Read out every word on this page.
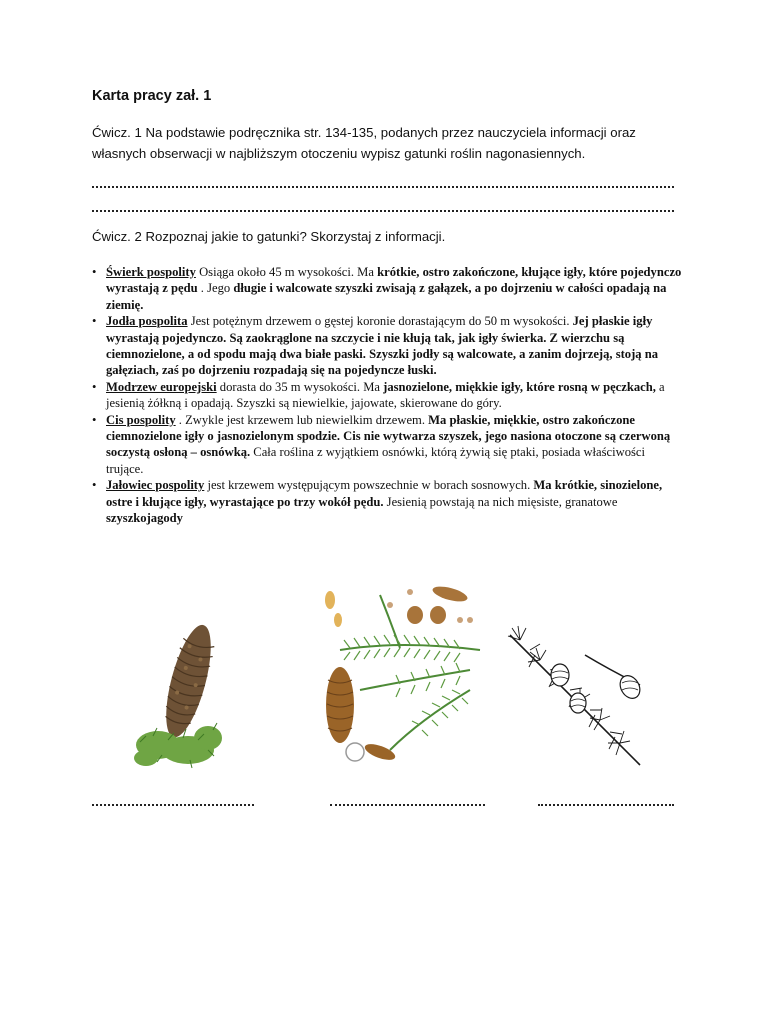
Karta pracy zał. 1
Ćwicz. 1 Na podstawie podręcznika str. 134-135, podanych przez nauczyciela informacji oraz własnych obserwacji w najbliższym otoczeniu wypisz gatunki roślin nagonasiennych.
Ćwicz. 2 Rozpoznaj jakie to gatunki? Skorzystaj z informacji.
• Świerk pospolity Osiąga około 45 m wysokości. Ma krótkie, ostro zakończone, kłujące igły, które pojedynczo wyrastają z pędu . Jego długie i walcowate szyszki zwisają z gałązek, a po dojrzeniu w całości opadają na ziemię.
• Jodła pospolita Jest potężnym drzewem o gęstej koronie dorastającym do 50 m wysokości. Jej płaskie igły wyrastają pojedynczo. Są zaokrąglone na szczycie i nie kłują tak, jak igły świerka. Z wierzchu są ciemnozielone, a od spodu mają dwa białe paski. Szyszki jodły są walcowate, a zanim dojrzeją, stoją na gałęziach, zaś po dojrzeniu rozpadają się na pojedyncze łuski.
• Modrzew europejski dorasta do 35 m wysokości. Ma jasnozielone, miękkie igły, które rosną w pęczkach, a jesienią żółkną i opadają. Szyszki są niewielkie, jajowate, skierowane do góry.
• Cis pospolity . Zwykle jest krzewem lub niewielkim drzewem. Ma płaskie, miękkie, ostro zakończone ciemnozielone igły o jasnozielonym spodzie. Cis nie wytwarza szyszek, jego nasiona otoczone są czerwoną soczystą osłoną – osnówką. Cała roślina z wyjątkiem osnówki, którą żywią się ptaki, posiada właściwości trujące.
• Jałowiec pospolity jest krzewem występującym powszechnie w borach sosnowych. Ma krótkie, sinozielone, ostre i kłujące igły, wyrastające po trzy wokół pędu. Jesienią powstają na nich mięsiste, granatowe szyszkojagody
